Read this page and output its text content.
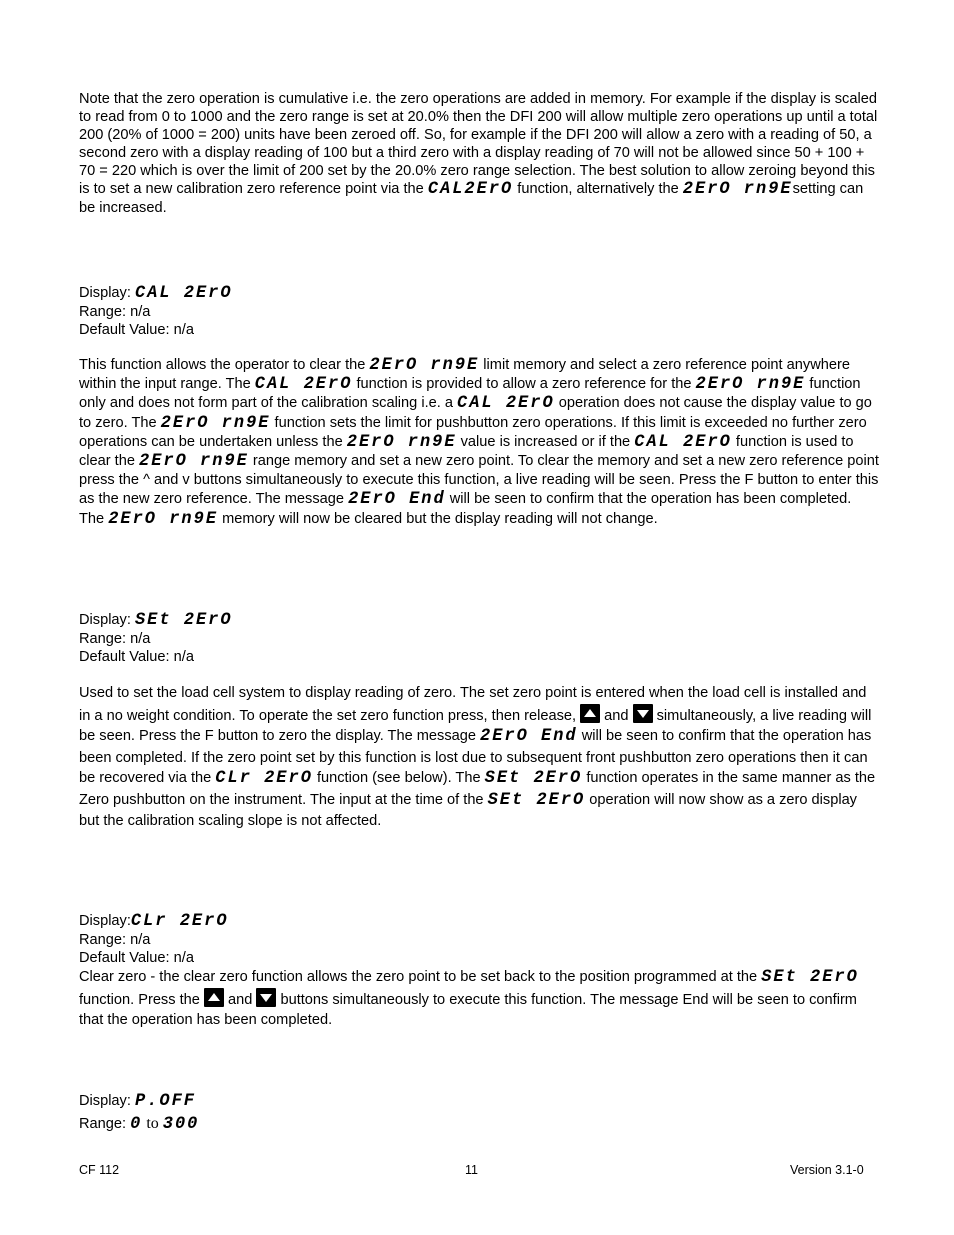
Note that the zero operation is cumulative i.e. the zero operations are added in memory. For example if the display is scaled to read from 0 to 1000 and the zero range is set at 20.0% then the DFI 200 will allow multiple zero operations up until a total 200 (20% of 1000 = 200) units have been zeroed off. So, for example if the DFI 200 will allow a zero with a reading of 50, a second zero with a display reading of 100 but a third zero with a display reading of 70 will not be allowed since 50 + 100 + 70 = 220 which is over the limit of 200 set by the 20.0% zero range selection. The best solution to allow zeroing beyond this is to set a new calibration zero reference point via the CAL2ErO function, alternatively the 2ErO rn9Esetting can be increased.
Display: CAL 2ErO
Range: n/a
Default Value: n/a
This function allows the operator to clear the 2ErO rn9E limit memory and select a zero reference point anywhere within the input range. The CAL 2ErO function is provided to allow a zero reference for the 2ErO rn9E function only and does not form part of the calibration scaling i.e. a CAL 2ErO operation does not cause the display value to go to zero. The 2ErO rn9E function sets the limit for pushbutton zero operations. If this limit is exceeded no further zero operations can be undertaken unless the 2ErO rn9E value is increased or if the CAL 2ErO function is used to clear the 2ErO rn9E range memory and set a new zero point. To clear the memory and set a new zero reference point press the ^ and v buttons simultaneously to execute this function, a live reading will be seen. Press the F button to enter this as the new zero reference. The message 2ErO End will be seen to confirm that the operation has been completed. The 2ErO rn9E memory will now be cleared but the display reading will not change.
Display: SEt 2ErO
Range: n/a
Default Value: n/a
Used to set the load cell system to display reading of zero. The set zero point is entered when the load cell is installed and in a no weight condition. To operate the set zero function press, then release,  and  simultaneously, a live reading will be seen. Press the F button to zero the display. The message 2ErO End will be seen to confirm that the operation has been completed. If the zero point set by this function is lost due to subsequent front pushbutton zero operations then it can be recovered via the CLr 2ErO function (see below). The SEt 2ErO function operates in the same manner as the Zero pushbutton on the instrument. The input at the time of the SEt 2ErO operation will now show as a zero display but the calibration scaling slope is not affected.
Display:CLr 2ErO
Range: n/a
Default Value: n/a
Clear zero - the clear zero function allows the zero point to be set back to the position programmed at the SEt 2ErO function. Press the  and  buttons simultaneously to execute this function. The message End will be seen to confirm that the operation has been completed.
Display: P.OFF
Range: 0 to 300
CF 112	11	Version 3.1-0
